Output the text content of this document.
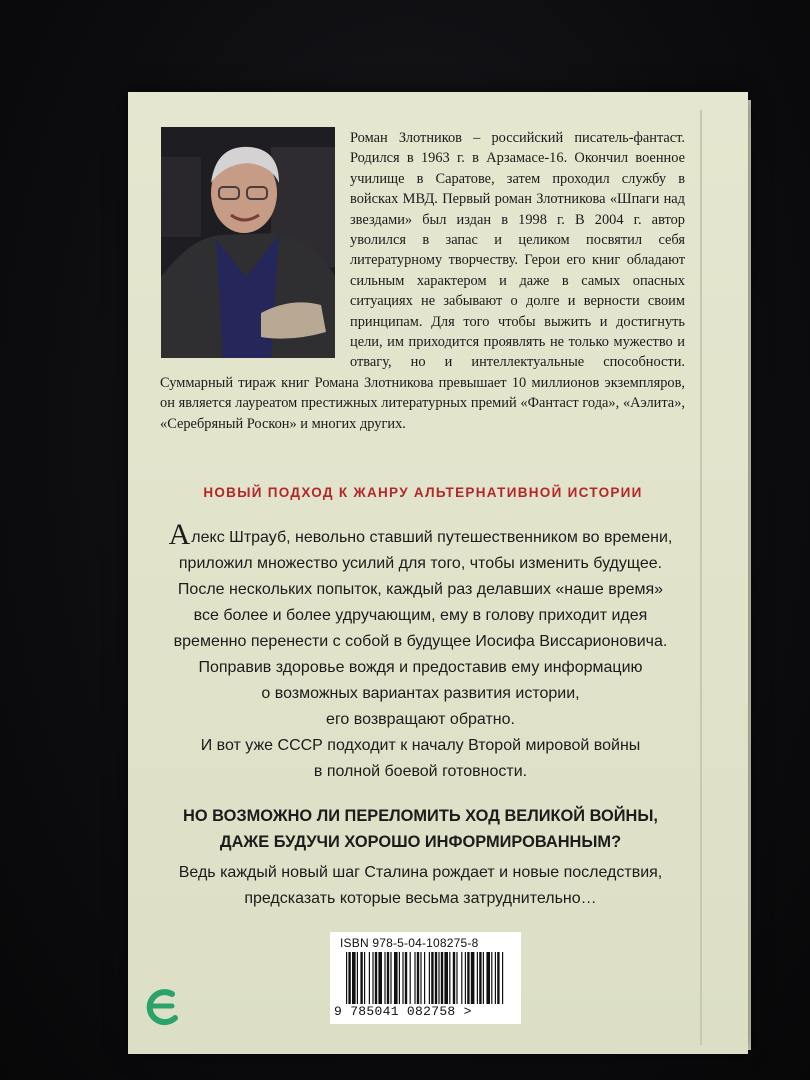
Роман Злотников – российский писатель-фантаст. Родился в 1963 г. в Арзамасе-16. Окончил военное училище в Саратове, затем проходил службу в войсках МВД. Первый роман Злотникова «Шпаги над звездами» был издан в 1998 г. В 2004 г. автор уволился в запас и целиком посвятил себя литературному творчеству. Герои его книг обладают сильным характером и даже в самых опасных ситуациях не забывают о долге и верности своим принципам. Для того чтобы выжить и достигнуть цели, им приходится проявлять не только мужество и отвагу, но и интеллектуальные способности. Суммарный тираж книг Романа Злотникова превышает 10 миллионов экземпляров, он является лауреатом престижных литературных премий «Фантаст года», «Аэлита», «Серебряный Роскон» и многих других.
НОВЫЙ ПОДХОД К ЖАНРУ АЛЬТЕРНАТИВНОЙ ИСТОРИИ
Алекс Штрауб, невольно ставший путешественником во времени,
приложил множество усилий для того, чтобы изменить будущее.
После нескольких попыток, каждый раз делавших «наше время»
все более и более удручающим, ему в голову приходит идея
временно перенести с собой в будущее Иосифа Виссарионовича.
Поправив здоровье вождя и предоставив ему информацию
о возможных вариантах развития истории,
его возвращают обратно.
И вот уже СССР подходит к началу Второй мировой войны
в полной боевой готовности.
НО ВОЗМОЖНО ЛИ ПЕРЕЛОМИТЬ ХОД ВЕЛИКОЙ ВОЙНЫ,
ДАЖЕ БУДУЧИ ХОРОШО ИНФОРМИРОВАННЫМ?
Ведь каждый новый шаг Сталина рождает и новые последствия,
предсказать которые весьма затруднительно…
ISBN 978-5-04-108275-8
9 785041 082758 >
